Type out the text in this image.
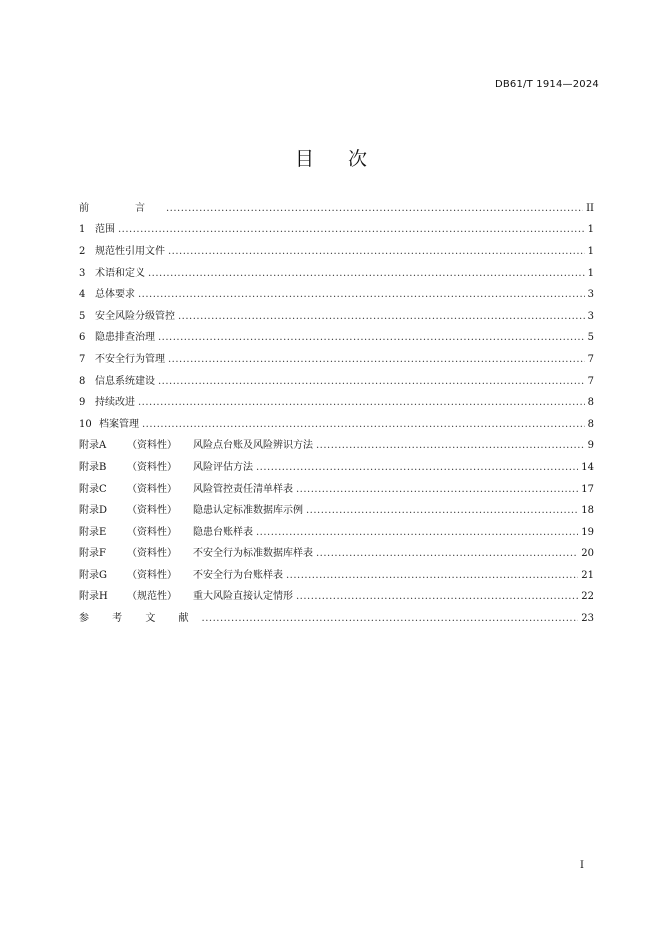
DB61/T 1914—2024
目 次
前　言 .....	II
1 范围 .....	1
2 规范性引用文件 .....	1
3 术语和定义 .....	1
4 总体要求 .....	3
5 安全风险分级管控 .....	3
6 隐患排查治理 .....	5
7 不安全行为管理 .....	7
8 信息系统建设 .....	7
9 持续改进 .....	8
10 档案管理 .....	8
附录A	（资料性）	风险点台账及风险辨识方法 .....	9
附录B	（资料性）	风险评估方法 .....	14
附录C	（资料性）	风险管控责任清单样表 .....	17
附录D	（资料性）	隐患认定标准数据库示例 .....	18
附录E	（资料性）	隐患台账样表 .....	19
附录F	（资料性）	不安全行为标准数据库样表 .....	20
附录G	（资料性）	不安全行为台账样表 .....	21
附录H	（规范性）	重大风险直接认定情形 .....	22
参 考 文 献 .....	23
I
